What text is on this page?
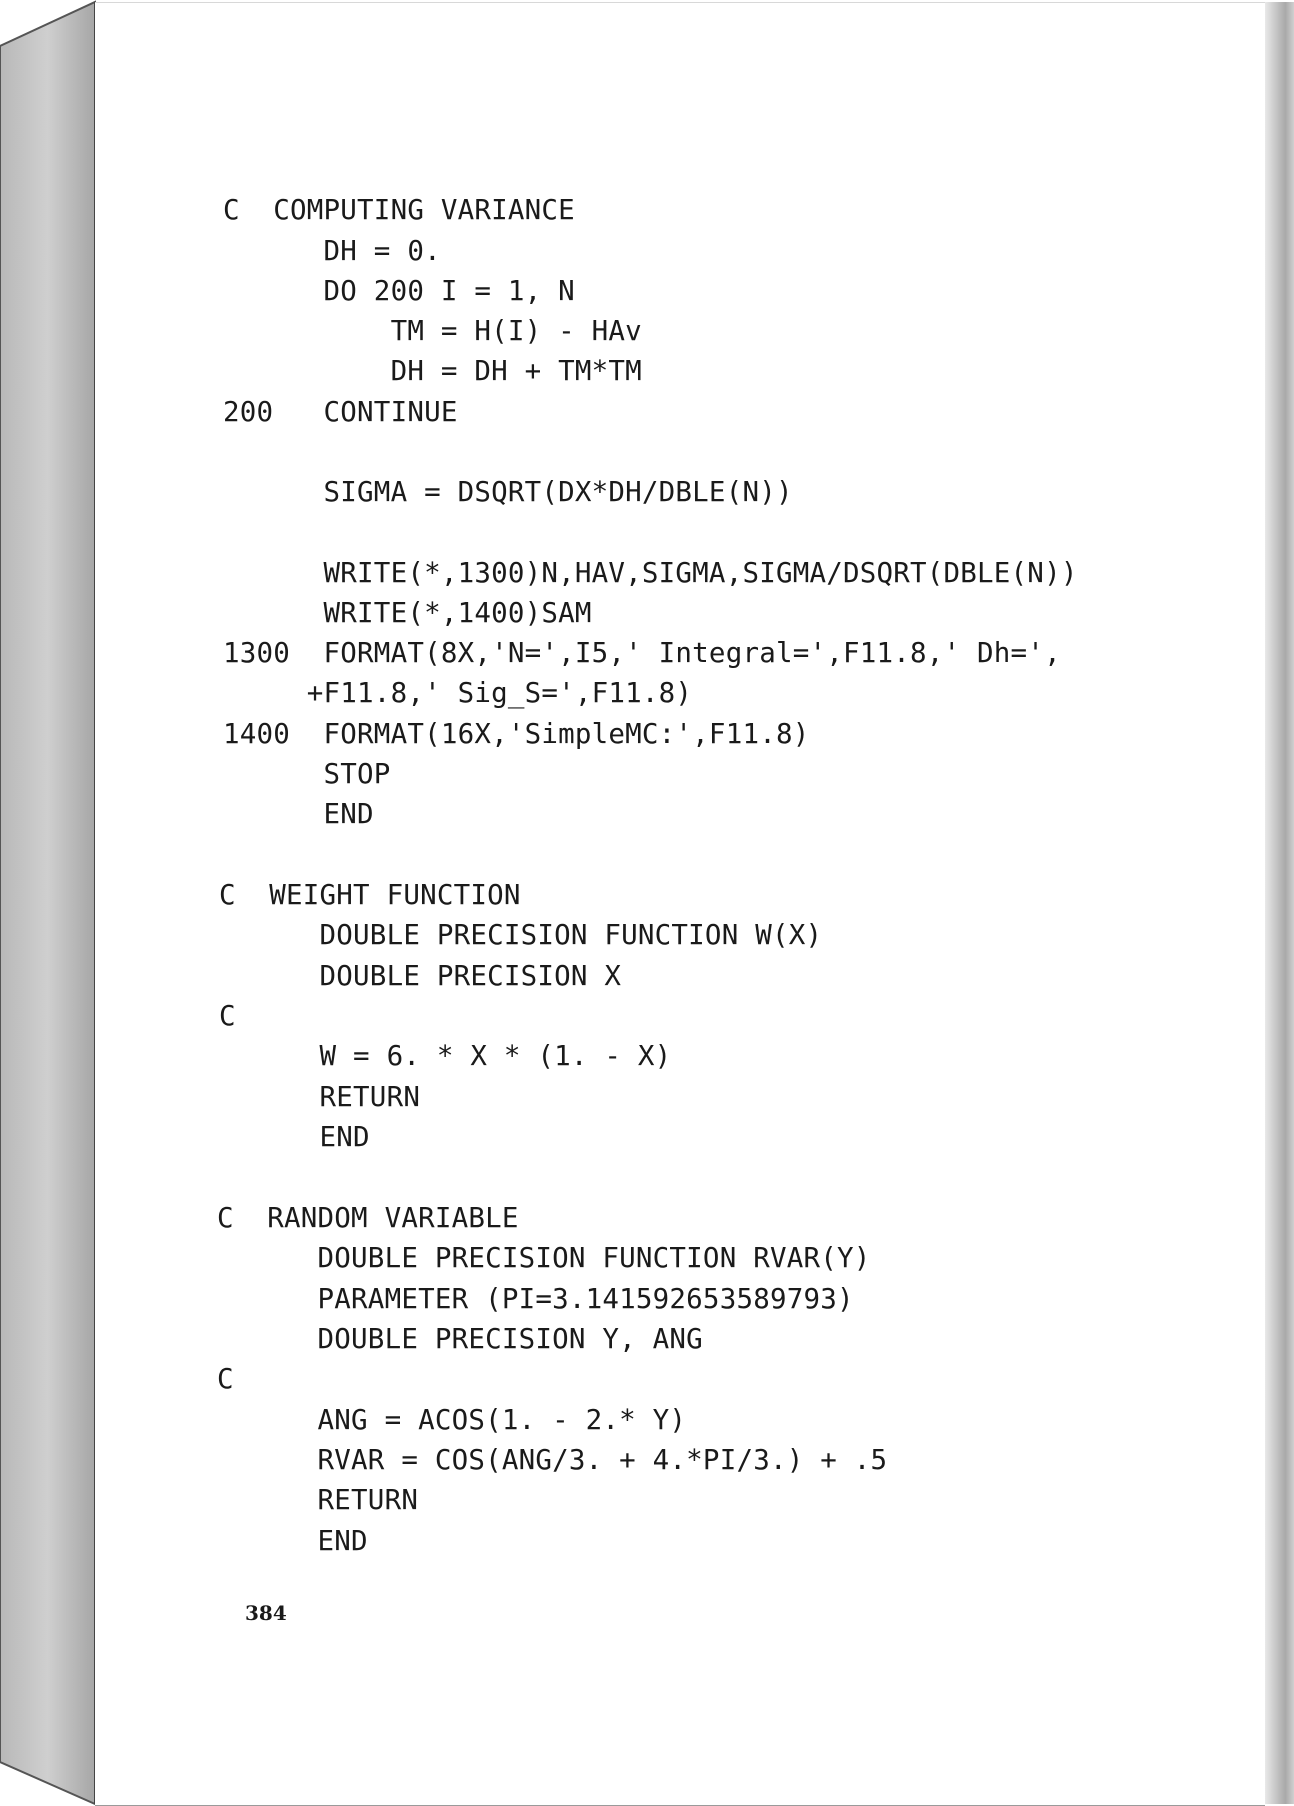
C  COMPUTING VARIANCE
DH = 0.
DO 200 I = 1, N
TM = H(I) - HAv
DH = DH + TM*TM
200   CONTINUE
SIGMA = DSQRT(DX*DH/DBLE(N))
WRITE(*,1300)N,HAV,SIGMA,SIGMA/DSQRT(DBLE(N))
WRITE(*,1400)SAM
1300  FORMAT(8X,'N=',I5,' Integral=',F11.8,' Dh=',
+F11.8,' Sig_S=',F11.8)
1400  FORMAT(16X,'SimpleMC:',F11.8)
STOP
END
C  WEIGHT FUNCTION
DOUBLE PRECISION FUNCTION W(X)
DOUBLE PRECISION X
C
W = 6. * X * (1. - X)
RETURN
END
C  RANDOM VARIABLE
DOUBLE PRECISION FUNCTION RVAR(Y)
PARAMETER (PI=3.141592653589793)
DOUBLE PRECISION Y, ANG
C
ANG = ACOS(1. - 2.* Y)
RVAR = COS(ANG/3. + 4.*PI/3.) + .5
RETURN
END
384
